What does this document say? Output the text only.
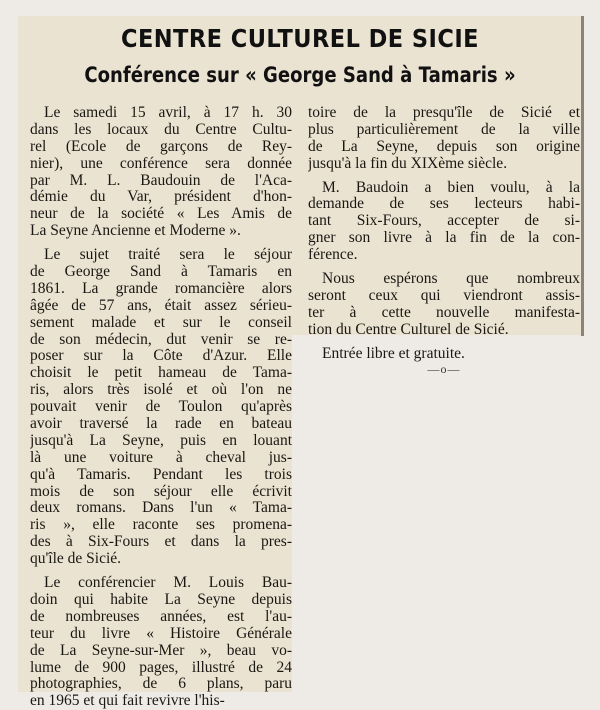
CENTRE CULTUREL DE SICIE
Conférence sur « George Sand à Tamaris »
Le samedi 15 avril, à 17 h. 30
dans les locaux du Centre Cultu-
rel (Ecole de garçons de Rey-
nier), une conférence sera donnée
par M. L. Baudouin de l'Aca-
démie du Var, président d'hon-
neur de la société « Les Amis de
La Seyne Ancienne et Moderne ».
Le sujet traité sera le séjour
de George Sand à Tamaris en
1861. La grande romancière alors
âgée de 57 ans, était assez sérieu-
sement malade et sur le conseil
de son médecin, dut venir se re-
poser sur la Côte d'Azur. Elle
choisit le petit hameau de Tama-
ris, alors très isolé et où l'on ne
pouvait venir de Toulon qu'après
avoir traversé la rade en bateau
jusqu'à La Seyne, puis en louant
là une voiture à cheval jus-
qu'à Tamaris. Pendant les trois
mois de son séjour elle écrivit
deux romans. Dans l'un « Tama-
ris », elle raconte ses promena-
des à Six-Fours et dans la pres-
qu'île de Sicié.
Le conférencier M. Louis Bau-
doin qui habite La Seyne depuis
de nombreuses années, est l'au-
teur du livre « Histoire Générale
de La Seyne-sur-Mer », beau vo-
lume de 900 pages, illustré de 24
photographies, de 6 plans, paru
en 1965 et qui fait revivre l'his-
toire de la presqu'île de Sicié et
plus particulièrement de la ville
de La Seyne, depuis son origine
jusqu'à la fin du XIXème siècle.
M. Baudoin a bien voulu, à la
demande de ses lecteurs habi-
tant Six-Fours, accepter de si-
gner son livre à la fin de la con-
férence.
Nous espérons que nombreux
seront ceux qui viendront assis-
ter à cette nouvelle manifesta-
tion du Centre Culturel de Sicié.
Entrée libre et gratuite.
—o—
